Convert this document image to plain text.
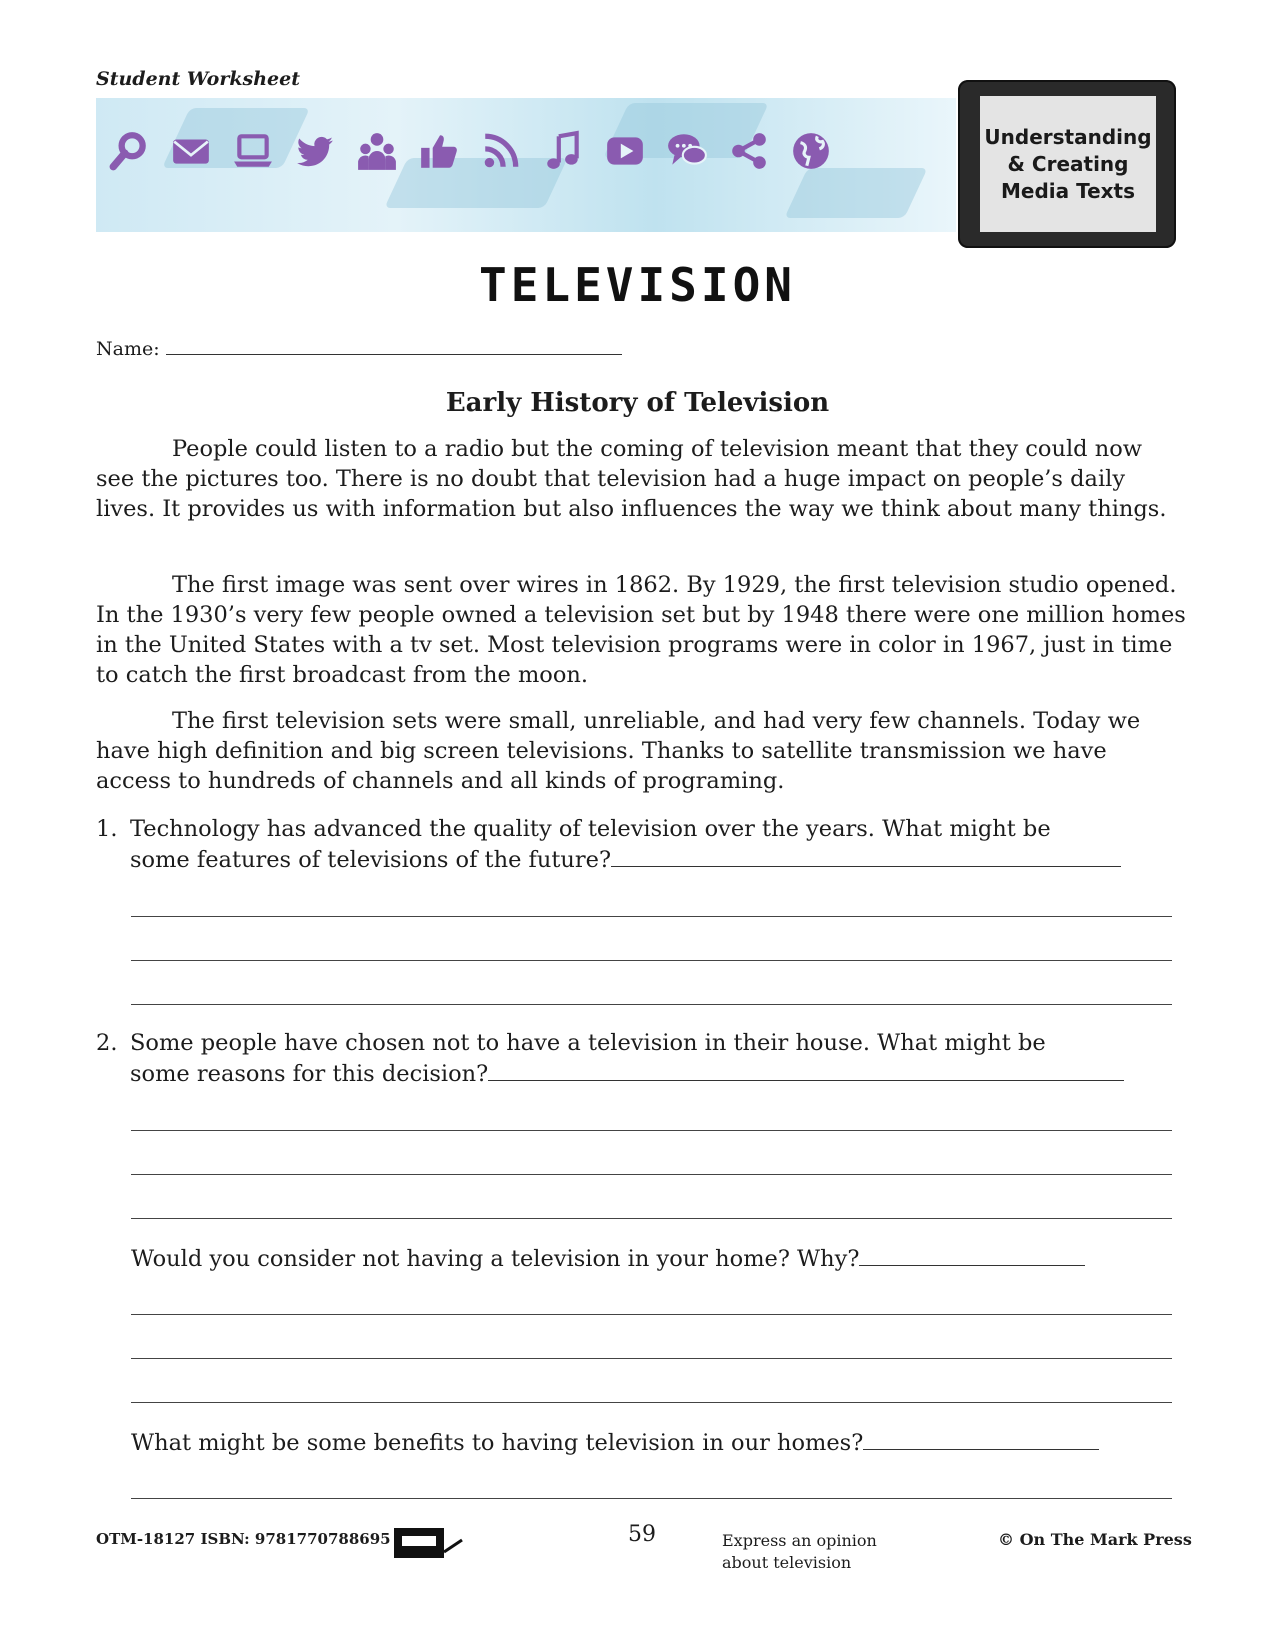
Student Worksheet
Understanding
& Creating
Media Texts
TELEVISION
Name:
Early History of Television
People could listen to a radio but the coming of television meant that they could now see the pictures too. There is no doubt that television had a huge impact on people’s daily lives. It provides us with information but also influences the way we think about many things.
The first image was sent over wires in 1862. By 1929, the first television studio opened. In the 1930’s very few people owned a television set but by 1948 there were one million homes in the United States with a tv set. Most television programs were in color in 1967, just in time to catch the first broadcast from the moon.
The first television sets were small, unreliable, and had very few channels. Today we have high definition and big screen televisions. Thanks to satellite transmission we have access to hundreds of channels and all kinds of programing.
1. Technology has advanced the quality of television over the years. What might be
some features of televisions of the future?
2. Some people have chosen not to have a television in their house. What might be
some reasons for this decision?
Would you consider not having a television in your home? Why?
What might be some benefits to having television in our homes?
OTM-18127 ISBN: 9781770788695	59	Express an opinion
about television
© On The Mark Press
